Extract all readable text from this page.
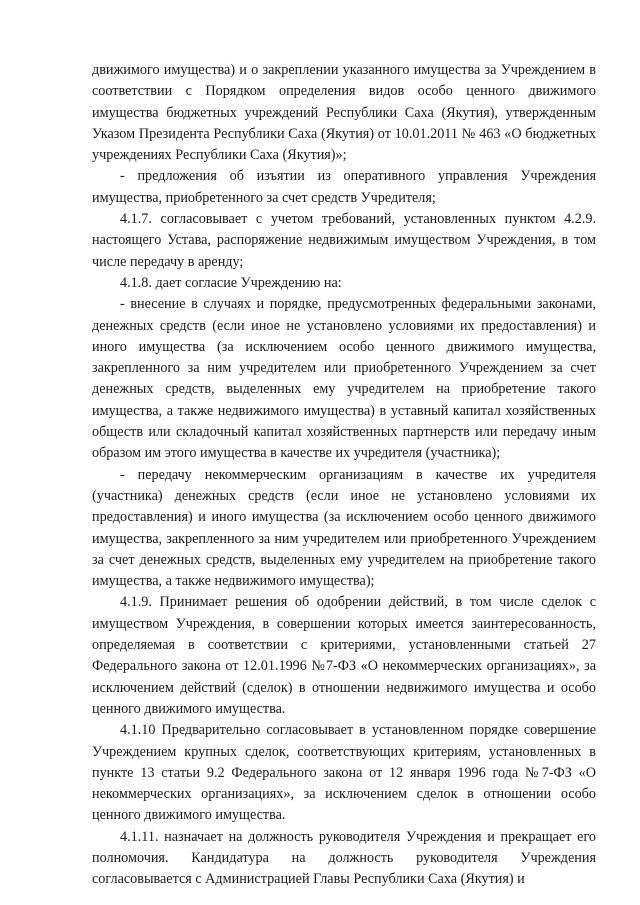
движимого имущества) и о закреплении указанного имущества за Учреждением в соответствии с Порядком определения видов особо ценного движимого имущества бюджетных учреждений Республики Саха (Якутия), утвержденным Указом Президента Республики Саха (Якутия) от 10.01.2011 № 463 «О бюджетных учреждениях Республики Саха (Якутия)»;

- предложения об изъятии из оперативного управления Учреждения имущества, приобретенного за счет средств Учредителя;

4.1.7. согласовывает с учетом требований, установленных пунктом 4.2.9. настоящего Устава, распоряжение недвижимым имуществом Учреждения, в том числе передачу в аренду;

4.1.8. дает согласие Учреждению на:

- внесение в случаях и порядке, предусмотренных федеральными законами, денежных средств (если иное не установлено условиями их предоставления) и иного имущества (за исключением особо ценного движимого имущества, закрепленного за ним учредителем или приобретенного Учреждением за счет денежных средств, выделенных ему учредителем на приобретение такого имущества, а также недвижимого имущества) в уставный капитал хозяйственных обществ или складочный капитал хозяйственных партнерств или передачу иным образом им этого имущества в качестве их учредителя (участника);

- передачу некоммерческим организациям в качестве их учредителя (участника) денежных средств (если иное не установлено условиями их предоставления) и иного имущества (за исключением особо ценного движимого имущества, закрепленного за ним учредителем или приобретенного Учреждением за счет денежных средств, выделенных ему учредителем на приобретение такого имущества, а также недвижимого имущества);

4.1.9. Принимает решения об одобрении действий, в том числе сделок с имуществом Учреждения, в совершении которых имеется заинтересованность, определяемая в соответствии с критериями, установленными статьей 27 Федерального закона от 12.01.1996 №7-ФЗ «О некоммерческих организациях», за исключением действий (сделок) в отношении недвижимого имущества и особо ценного движимого имущества.

4.1.10 Предварительно согласовывает в установленном порядке совершение Учреждением крупных сделок, соответствующих критериям, установленных в пункте 13 статьи 9.2 Федерального закона от 12 января 1996 года №7-ФЗ «О некоммерческих организациях», за исключением сделок в отношении особо ценного движимого имущества.

4.1.11. назначает на должность руководителя Учреждения и прекращает его полномочия. Кандидатура на должность руководителя Учреждения согласовывается с Администрацией Главы Республики Саха (Якутия) и
